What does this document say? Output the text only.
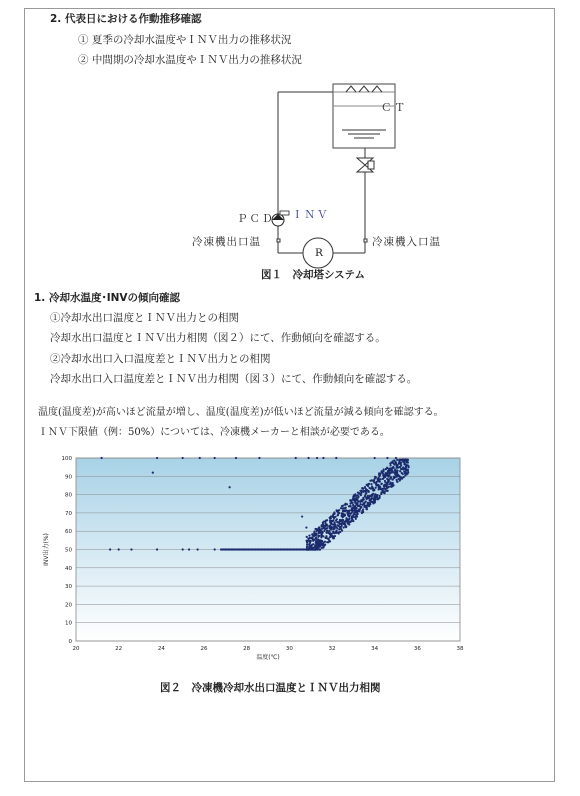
2. 代表日における作動推移確認
① 夏季の冷却水温度やＩＮＶ出力の推移状況
② 中間期の冷却水温度やＩＮＶ出力の推移状況
ＣＴ
ＰＣＤ ＩＮＶ
冷凍機出口温	冷凍機入口温
R
図１　冷却塔システム
1. 冷却水温度･INVの傾向確認
①冷却水出口温度とＩＮＶ出力との相関
冷却水出口温度とＩＮＶ出力相関（図２）にて、作動傾向を確認する。
②冷却水出口入口温度差とＩＮＶ出力との相関
冷却水出口入口温度差とＩＮＶ出力相関（図３）にて、作動傾向を確認する。
温度(温度差)が高いほど流量が増し、温度(温度差)が低いほど流量が減る傾向を確認する。
ＩＮＶ下限値（例：50%）については、冷凍機メーカーと相談が必要である。
0
10
20
30
40
50
60
70
80
90
100
20	22	24	26	28	30	32	34	36	38
温度(℃)
INV出力(%)
図２　冷凍機冷却水出口温度とＩＮＶ出力相関
